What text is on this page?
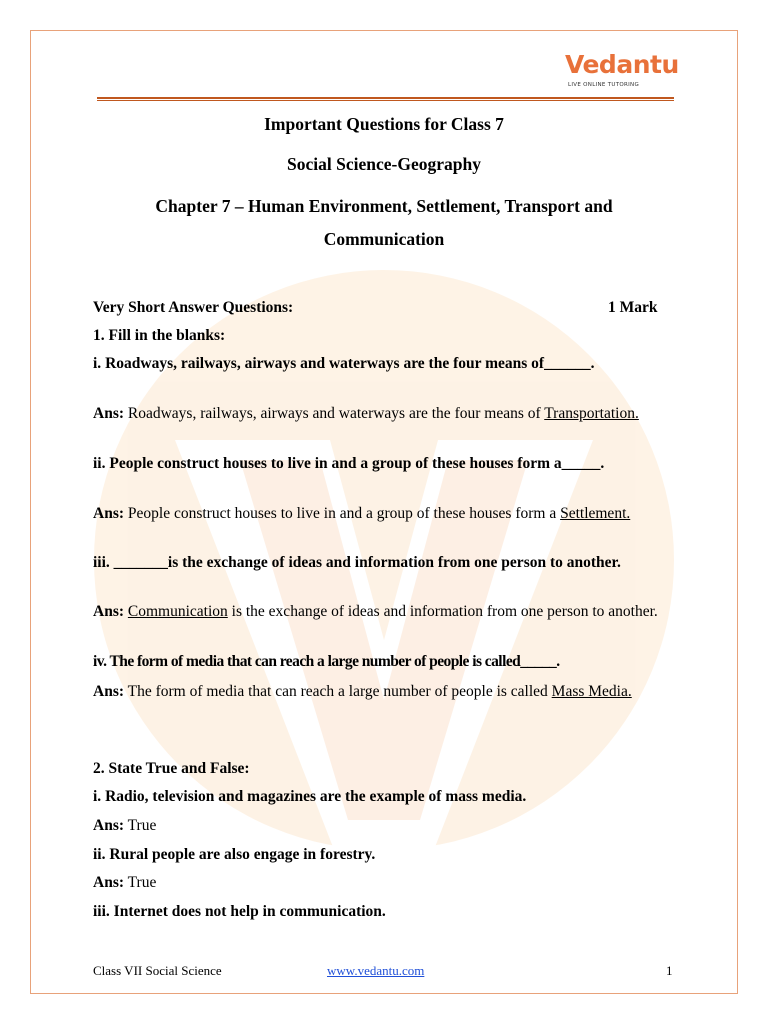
Vedantu
LIVE ONLINE TUTORING
Important Questions for Class 7
Social Science-Geography
Chapter 7 – Human Environment, Settlement, Transport and
Communication
Very Short Answer Questions:	1 Mark
1. Fill in the blanks:
i. Roadways, railways, airways and waterways are the four means of______.
Ans: Roadways, railways, airways and waterways are the four means of Transportation.
ii. People construct houses to live in and a group of these houses form a_____.
Ans: People construct houses to live in and a group of these houses form a Settlement.
iii. _______is the exchange of ideas and information from one person to another.
Ans: Communication is the exchange of ideas and information from one person to another.
iv. The form of media that can reach a large number of people is called_____.
Ans: The form of media that can reach a large number of people is called Mass Media.
2. State True and False:
i. Radio, television and magazines are the example of mass media.
Ans: True
ii. Rural people are also engage in forestry.
Ans: True
iii. Internet does not help in communication.
Class VII Social Science	www.vedantu.com	1
